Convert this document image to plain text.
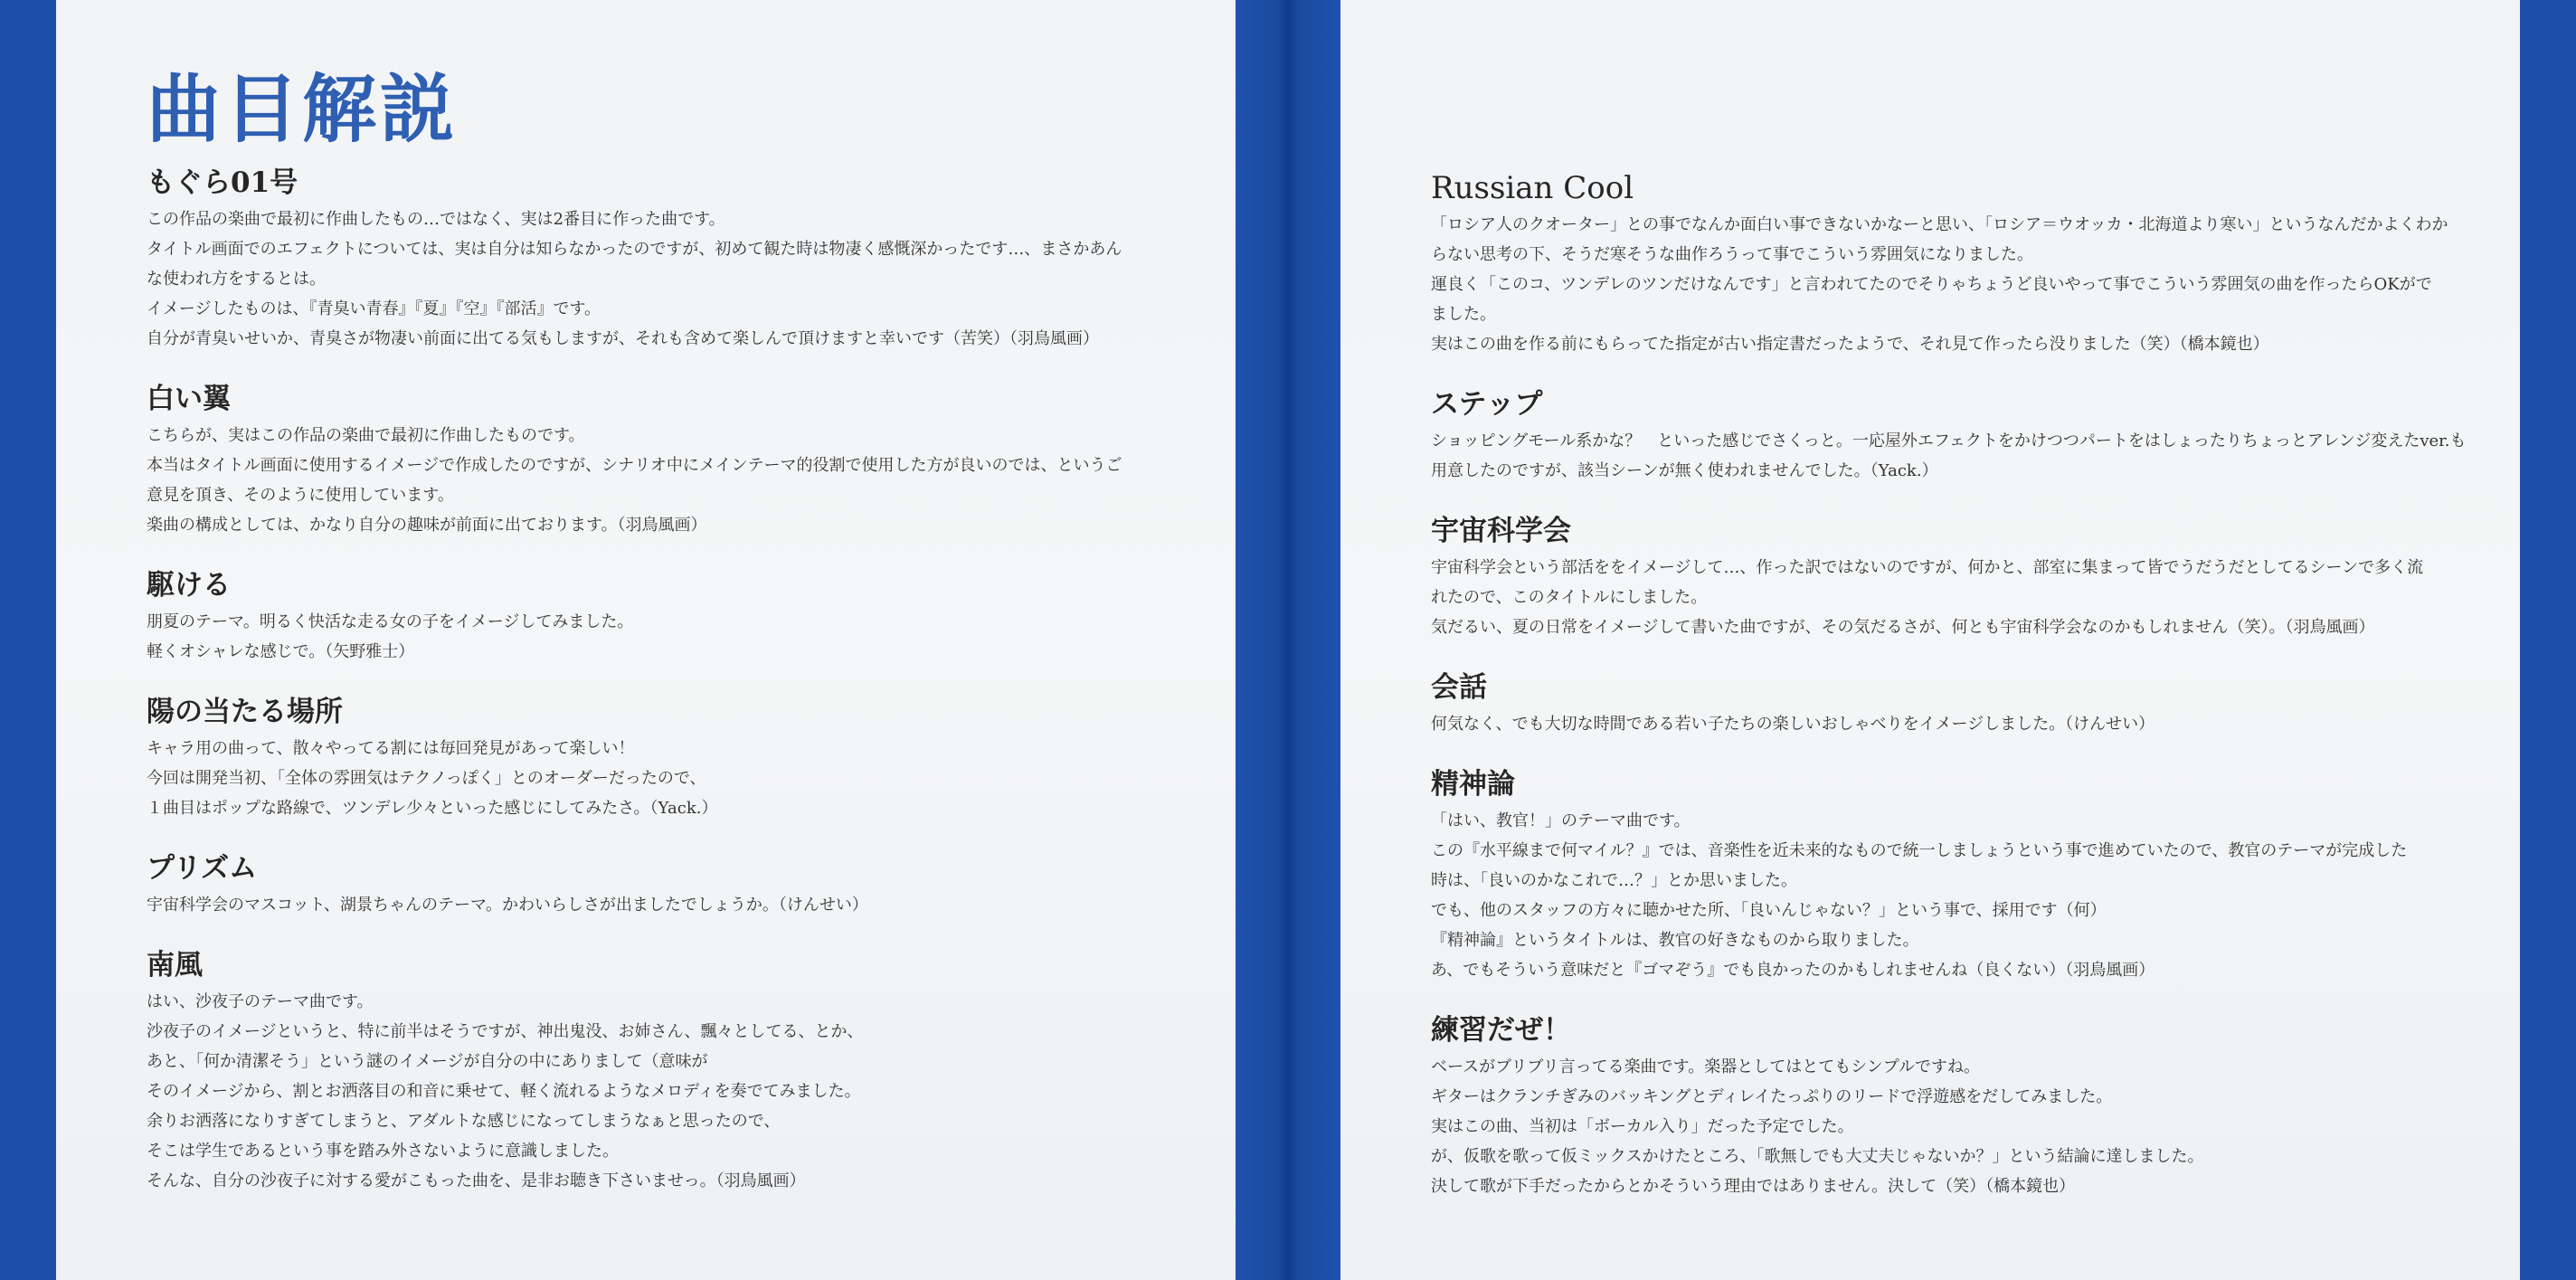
曲目解説
もぐら01号
この作品の楽曲で最初に作曲したもの…ではなく、実は2番目に作った曲です。
タイトル画面でのエフェクトについては、実は自分は知らなかったのですが、初めて観た時は物凄く感慨深かったです…、まさかあん
な使われ方をするとは。
イメージしたものは、『青臭い青春』『夏』『空』『部活』です。
自分が青臭いせいか、青臭さが物凄い前面に出てる気もしますが、それも含めて楽しんで頂けますと幸いです（苦笑）（羽鳥風画）
白い翼
こちらが、実はこの作品の楽曲で最初に作曲したものです。
本当はタイトル画面に使用するイメージで作成したのですが、シナリオ中にメインテーマ的役割で使用した方が良いのでは、というご
意見を頂き、そのように使用しています。
楽曲の構成としては、かなり自分の趣味が前面に出ております。（羽鳥風画）
駆ける
朋夏のテーマ。明るく快活な走る女の子をイメージしてみました。
軽くオシャレな感じで。（矢野雅士）
陽の当たる場所
キャラ用の曲って、散々やってる割には毎回発見があって楽しい！
今回は開発当初、「全体の雰囲気はテクノっぽく」とのオーダーだったので、
１曲目はポップな路線で、ツンデレ少々といった感じにしてみたさ。（Yack.）
プリズム
宇宙科学会のマスコット、湖景ちゃんのテーマ。かわいらしさが出ましたでしょうか。（けんせい）
南風
はい、沙夜子のテーマ曲です。
沙夜子のイメージというと、特に前半はそうですが、神出鬼没、お姉さん、飄々としてる、とか、
あと、「何か清潔そう」という謎のイメージが自分の中にありまして（意味が
そのイメージから、割とお洒落目の和音に乗せて、軽く流れるようなメロディを奏でてみました。
余りお洒落になりすぎてしまうと、アダルトな感じになってしまうなぁと思ったので、
そこは学生であるという事を踏み外さないように意識しました。
そんな、自分の沙夜子に対する愛がこもった曲を、是非お聴き下さいませっ。（羽鳥風画）
Russian Cool
「ロシア人のクオーター」との事でなんか面白い事できないかなーと思い、「ロシア＝ウオッカ・北海道より寒い」というなんだかよくわか
らない思考の下、そうだ寒そうな曲作ろうって事でこういう雰囲気になりました。
運良く「このコ、ツンデレのツンだけなんです」と言われてたのでそりゃちょうど良いやって事でこういう雰囲気の曲を作ったらOKがで
ました。
実はこの曲を作る前にもらってた指定が古い指定書だったようで、それ見て作ったら没りました（笑）（橋本鏡也）
ステップ
ショッピングモール系かな？　といった感じでさくっと。一応屋外エフェクトをかけつつパートをはしょったりちょっとアレンジ変えたver.も
用意したのですが、該当シーンが無く使われませんでした。（Yack.）
宇宙科学会
宇宙科学会という部活ををイメージして…、作った訳ではないのですが、何かと、部室に集まって皆でうだうだとしてるシーンで多く流
れたので、このタイトルにしました。
気だるい、夏の日常をイメージして書いた曲ですが、その気だるさが、何とも宇宙科学会なのかもしれません（笑）。（羽鳥風画）
会話
何気なく、でも大切な時間である若い子たちの楽しいおしゃべりをイメージしました。（けんせい）
精神論
「はい、教官！」のテーマ曲です。
この『水平線まで何マイル？』では、音楽性を近未来的なもので統一しましょうという事で進めていたので、教官のテーマが完成した
時は、「良いのかなこれで…？」とか思いました。
でも、他のスタッフの方々に聴かせた所、「良いんじゃない？」という事で、採用です（何）
『精神論』というタイトルは、教官の好きなものから取りました。
あ、でもそういう意味だと『ゴマぞう』でも良かったのかもしれませんね（良くない）（羽鳥風画）
練習だぜ！
ベースがブリブリ言ってる楽曲です。楽器としてはとてもシンプルですね。
ギターはクランチぎみのバッキングとディレイたっぷりのリードで浮遊感をだしてみました。
実はこの曲、当初は「ボーカル入り」だった予定でした。
が、仮歌を歌って仮ミックスかけたところ、「歌無しでも大丈夫じゃないか？」という結論に達しました。
決して歌が下手だったからとかそういう理由ではありません。決して（笑）（橋本鏡也）
